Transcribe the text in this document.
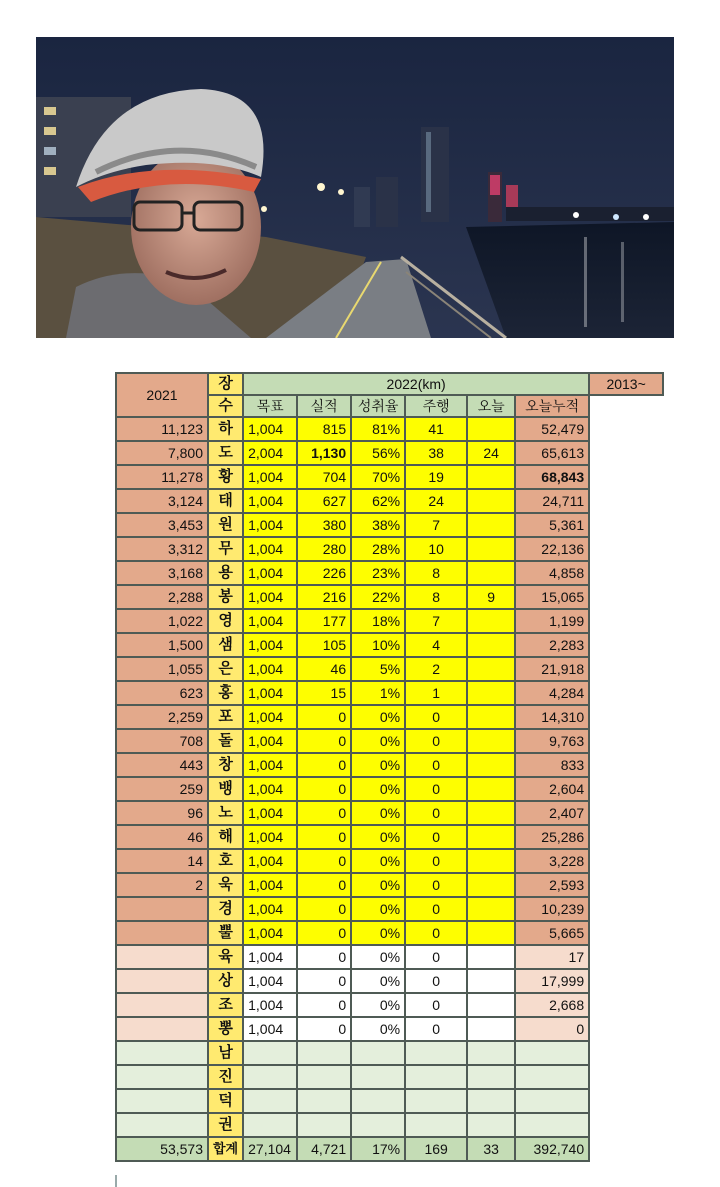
2021	장	2022(km)						2013~
	수	목표	실적	성취율	주행	오늘	오늘누적	
11,123	하	1,004	815	81%	41		52,479	
7,800	도	2,004	1,130	56%	38	24	65,613	
11,278	황	1,004	704	70%	19		68,843	
3,124	태	1,004	627	62%	24		24,711	
3,453	원	1,004	380	38%	7		5,361	
3,312	무	1,004	280	28%	10		22,136	
3,168	용	1,004	226	23%	8		4,858	
2,288	봉	1,004	216	22%	8	9	15,065	
1,022	영	1,004	177	18%	7		1,199	
1,500	샘	1,004	105	10%	4		2,283	
1,055	은	1,004	46	5%	2		21,918	
623	홍	1,004	15	1%	1		4,284	
2,259	포	1,004	0	0%	0		14,310	
708	돌	1,004	0	0%	0		9,763	
443	창	1,004	0	0%	0		833	
259	뱅	1,004	0	0%	0		2,604	
96	노	1,004	0	0%	0		2,407	
46	해	1,004	0	0%	0		25,286	
14	호	1,004	0	0%	0		3,228	
2	욱	1,004	0	0%	0		2,593	
	경	1,004	0	0%	0		10,239	
	뿔	1,004	0	0%	0		5,665	
	육	1,004	0	0%	0		17	
	상	1,004	0	0%	0		17,999	
	조	1,004	0	0%	0		2,668	
	뽕	1,004	0	0%	0		0	
	남							
	진							
	덕							
	권							
53,573	합계	27,104	4,721	17%	169	33	392,740	
